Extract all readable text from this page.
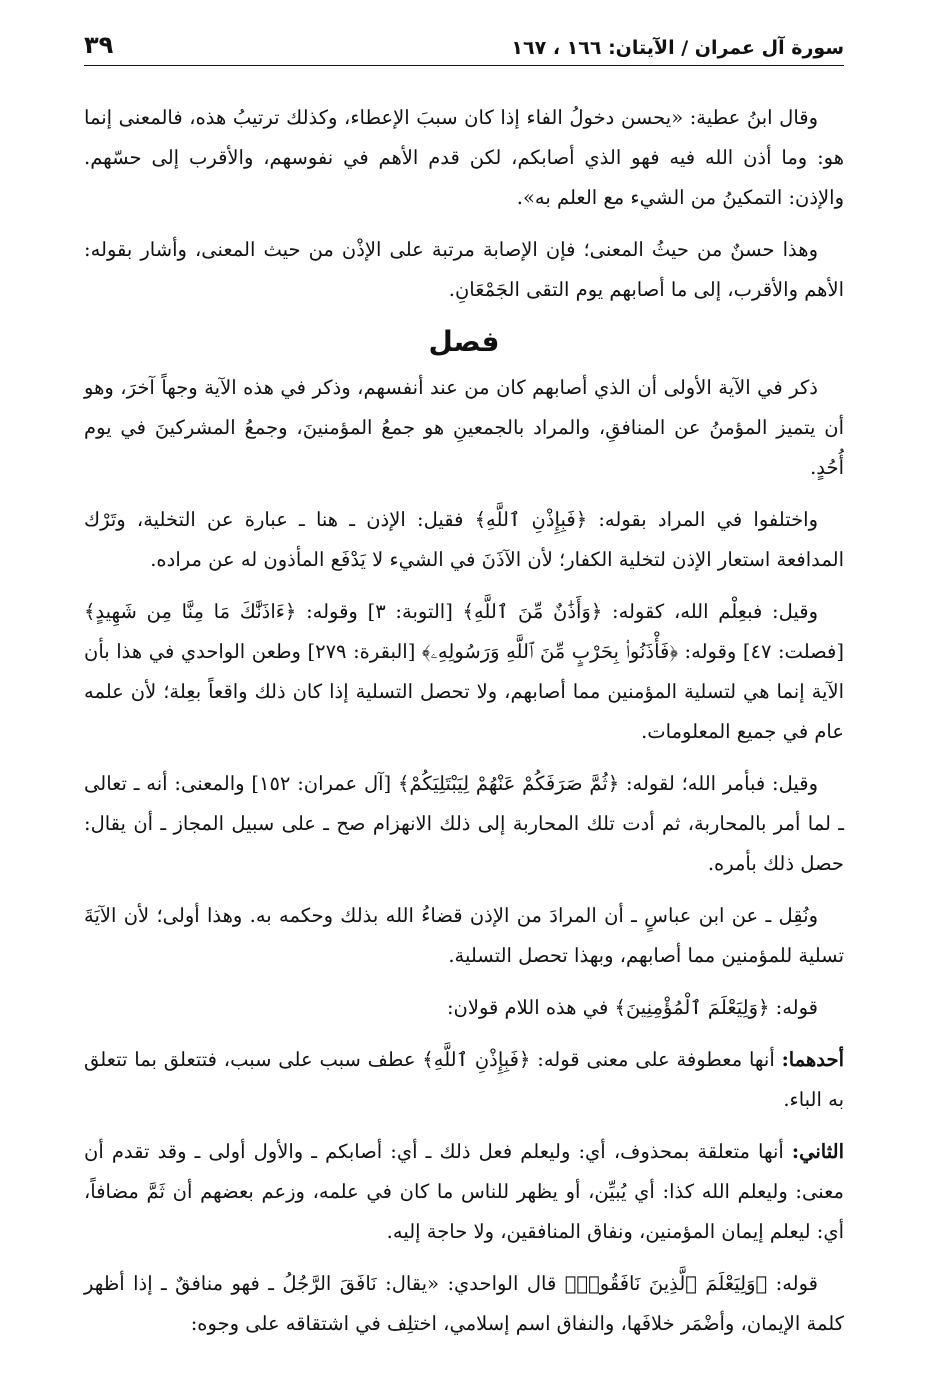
سورة آل عمران / الآيتان: ١٦٦ ، ١٦٧
٣٩

وقال ابنُ عطية: «يحسن دخولُ الفاء إذا كان سببَ الإعطاء، وكذلك ترتيبُ هذه، فالمعنى إنما هو: وما أذن الله فيه فهو الذي أصابكم، لكن قدم الأهم في نفوسهم، والأقرب إلى حسّهم. والإذن: التمكينُ من الشيء مع العلم به».

وهذا حسنٌ من حيثُ المعنى؛ فإن الإصابة مرتبة على الإذْن من حيث المعنى، وأشار بقوله: الأهم والأقرب، إلى ما أصابهم يوم التقى الجَمْعَانِ.

فصل

ذكر في الآية الأولى أن الذي أصابهم كان من عند أنفسهم، وذكر في هذه الآية وجهاً آخرَ، وهو أن يتميز المؤمنُ عن المنافقِ، والمراد بالجمعينِ هو جمعُ المؤمنينَ، وجمعُ المشركينَ في يوم أُحُدٍ.

واختلفوا في المراد بقوله: ﴿فَبِإِذْنِ ٱللَّهِ﴾ فقيل: الإذن ـ هنا ـ عبارة عن التخلية، وتَرْك المدافعة استعار الإذن لتخلية الكفار؛ لأن الآذَنَ في الشيء لا يَدْفَع المأذون له عن مراده.

وقيل: فبعِلْم الله، كقوله: ﴿وَأَذَٰنٌ مِّنَ ٱللَّهِ﴾ [التوبة: ٣] وقوله: ﴿ءَاذَنَّٰكَ مَا مِنَّا مِن شَهِيدٍ﴾ [فصلت: ٤٧] وقوله: ﴿فَأْذَنُوا۟ بِحَرْبٍ مِّنَ ٱللَّهِ وَرَسُولِهِۦ﴾ [البقرة: ٢٧٩] وطعن الواحدي في هذا بأن الآية إنما هي لتسلية المؤمنين مما أصابهم، ولا تحصل التسلية إذا كان ذلك واقعاً بعِلة؛ لأن علمه عام في جميع المعلومات.

وقيل: فبأمر الله؛ لقوله: ﴿ثُمَّ صَرَفَكُمْ عَنْهُمْ لِيَبْتَلِيَكُمْ﴾ [آل عمران: ١٥٢] والمعنى: أنه ـ تعالى ـ لما أمر بالمحاربة، ثم أدت تلك المحاربة إلى ذلك الانهزام صح ـ على سبيل المجاز ـ أن يقال: حصل ذلك بأمره.

ونُقِل ـ عن ابن عباسٍ ـ أن المرادَ من الإذن قضاءُ الله بذلك وحكمه به. وهذا أولى؛ لأن الآيَةَ تسلية للمؤمنين مما أصابهم، وبهذا تحصل التسلية.

قوله: ﴿وَلِيَعْلَمَ ٱلْمُؤْمِنِينَ﴾ في هذه اللام قولان:

أحدهما: أنها معطوفة على معنى قوله: ﴿فَبِإِذْنِ ٱللَّهِ﴾ عطف سبب على سبب، فتتعلق بما تتعلق به الباء.

الثاني: أنها متعلقة بمحذوف، أي: وليعلم فعل ذلك ـ أي: أصابكم ـ والأول أولى ـ وقد تقدم أن معنى: وليعلم الله كذا: أي يُبيِّن، أو يظهر للناس ما كان في علمه، وزعم بعضهم أن ثَمَّ مضافاً، أي: ليعلم إيمان المؤمنين، ونفاق المنافقين، ولا حاجة إليه.

قوله: ﴿وَلِيَعْلَمَ ٱلَّذِينَ نَافَقُوا۟﴾ قال الواحدي: «يقال: نَافَقَ الرَّجُلُ ـ فهو منافقٌ ـ إذا أظهر كلمة الإيمان، وأضْمَر خلافَها، والنفاق اسم إسلامي، اختلِف في اشتقاقه على وجوه:
